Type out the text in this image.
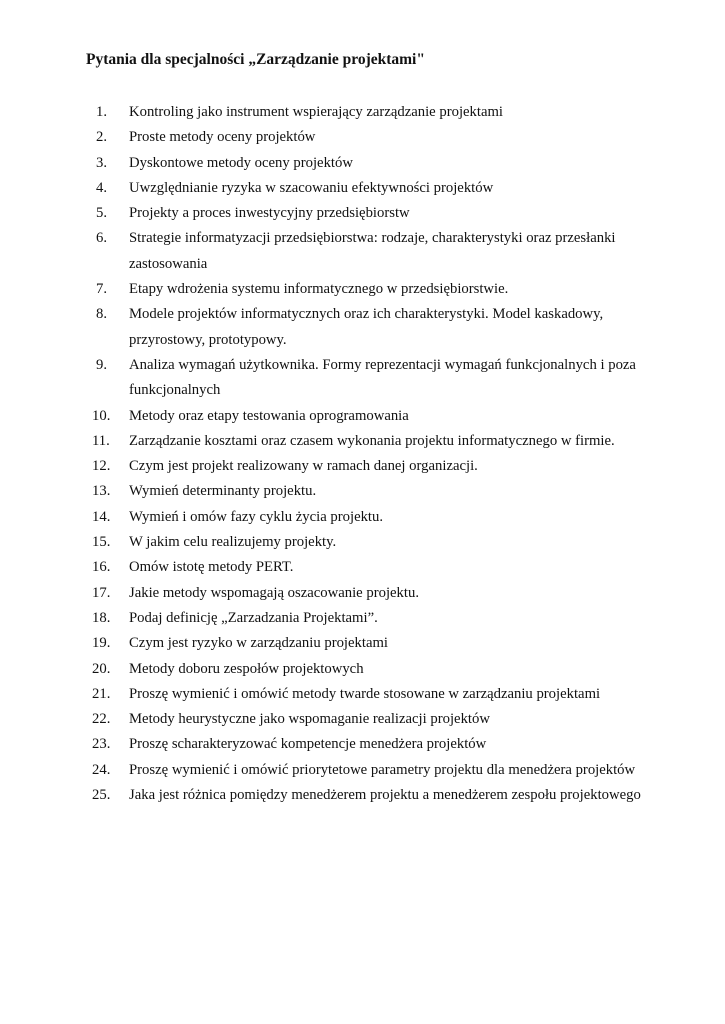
Pytania dla specjalności „Zarządzanie projektami"
1.	Kontroling jako instrument wspierający zarządzanie projektami
2.	Proste metody oceny projektów
3.	Dyskontowe metody oceny projektów
4.	Uwzględnianie ryzyka w szacowaniu efektywności projektów
5.	Projekty a proces inwestycyjny przedsiębiorstw
6.	Strategie informatyzacji przedsiębiorstwa: rodzaje, charakterystyki oraz przesłanki zastosowania
7.	Etapy wdrożenia systemu informatycznego w przedsiębiorstwie.
8.	Modele projektów informatycznych oraz ich charakterystyki. Model kaskadowy, przyrostowy, prototypowy.
9.	Analiza wymagań użytkownika. Formy reprezentacji wymagań funkcjonalnych i poza funkcjonalnych
10.	Metody oraz etapy testowania oprogramowania
11.	Zarządzanie kosztami oraz czasem wykonania projektu informatycznego w firmie.
12.	Czym jest projekt realizowany w ramach danej organizacji.
13.	Wymień determinanty projektu.
14.	Wymień i omów fazy cyklu życia projektu.
15.	W jakim celu realizujemy projekty.
16.	Omów istotę metody PERT.
17.	Jakie metody wspomagają oszacowanie projektu.
18.	Podaj definicję „Zarzadzania Projektami”.
19.	Czym jest ryzyko w zarządzaniu projektami
20.	Metody doboru zespołów projektowych
21.	Proszę wymienić i omówić metody twarde stosowane w zarządzaniu projektami
22.	Metody heurystyczne jako wspomaganie realizacji projektów
23.	Proszę scharakteryzować kompetencje menedżera projektów
24.	Proszę wymienić i omówić priorytetowe parametry projektu dla menedżera projektów
25.	Jaka jest różnica pomiędzy menedżerem projektu a menedżerem zespołu projektowego
